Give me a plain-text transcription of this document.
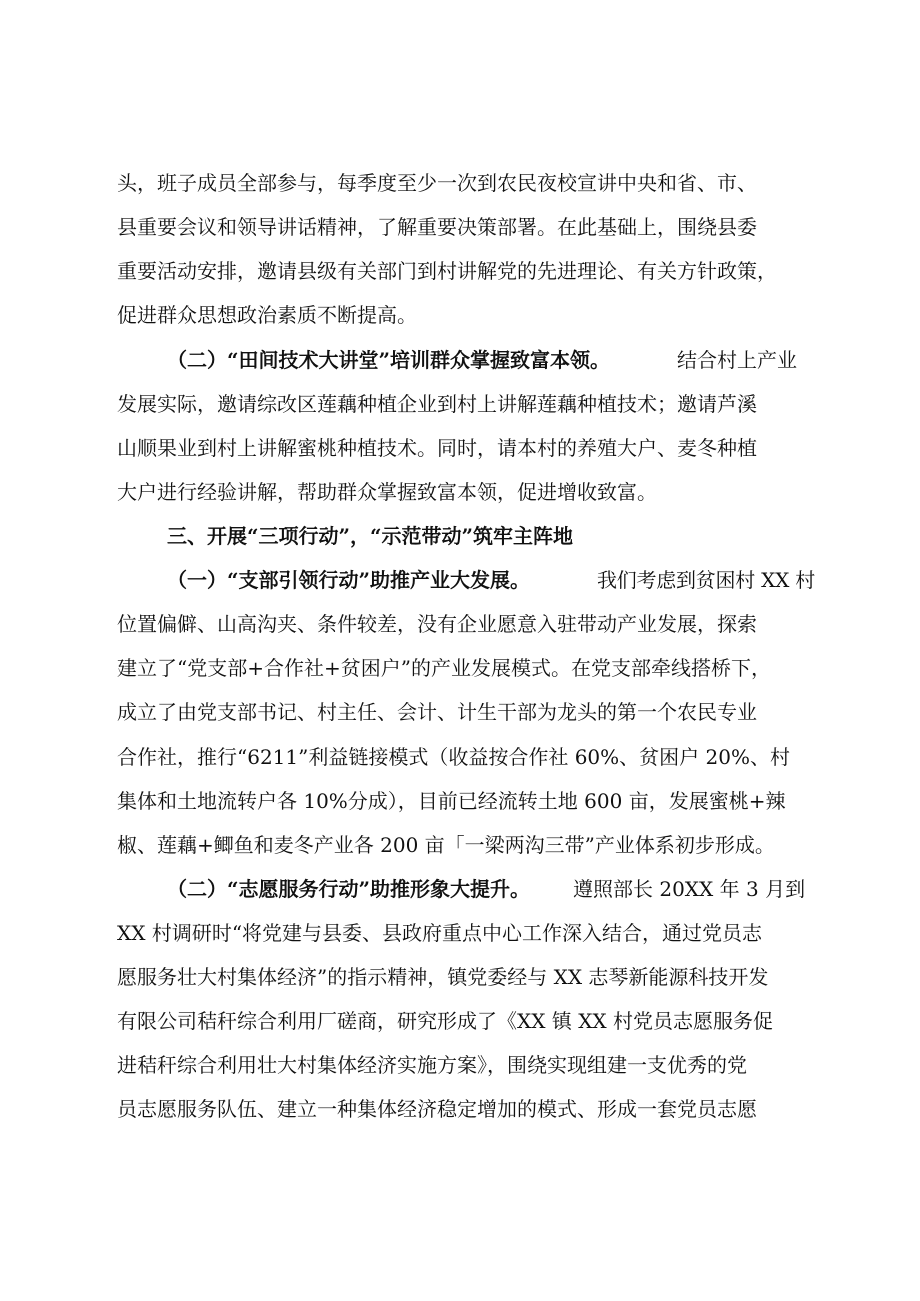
头，班子成员全部参与，每季度至少一次到农民夜校宣讲中央和省、市、
县重要会议和领导讲话精神，了解重要决策部署。在此基础上，围绕县委
重要活动安排，邀请县级有关部门到村讲解党的先进理论、有关方针政策，
促进群众思想政治素质不断提高。
（二）“田间技术大讲堂”培训群众掌握致富本领。	结合村上产业
发展实际，邀请综改区莲藕种植企业到村上讲解莲藕种植技术；邀请芦溪
山顺果业到村上讲解蜜桃种植技术。同时，请本村的养殖大户、麦冬种植
大户进行经验讲解，帮助群众掌握致富本领，促进增收致富。
三、开展“三项行动”，“示范带动”筑牢主阵地
（一）“支部引领行动”助推产业大发展。	我们考虑到贫困村 XX 村
位置偏僻、山高沟夹、条件较差，没有企业愿意入驻带动产业发展，探索
建立了“党支部+合作社+贫困户”的产业发展模式。在党支部牵线搭桥下，
成立了由党支部书记、村主任、会计、计生干部为龙头的第一个农民专业
合作社，推行“6211”利益链接模式（收益按合作社 60%、贫困户 20%、村
集体和土地流转户各 10%分成），目前已经流转土地 600 亩，发展蜜桃+辣
椒、莲藕+鲫鱼和麦冬产业各 200 亩「一梁两沟三带”产业体系初步形成。
（二）“志愿服务行动”助推形象大提升。 遵照部长 20XX 年 3 月到
XX 村调研时“将党建与县委、县政府重点中心工作深入结合，通过党员志
愿服务壮大村集体经济”的指示精神，镇党委经与 XX 志琴新能源科技开发
有限公司秸秆综合利用厂磋商，研究形成了《XX 镇 XX 村党员志愿服务促
进秸秆综合利用壮大村集体经济实施方案》，围绕实现组建一支优秀的党
员志愿服务队伍、建立一种集体经济稳定增加的模式、形成一套党员志愿
